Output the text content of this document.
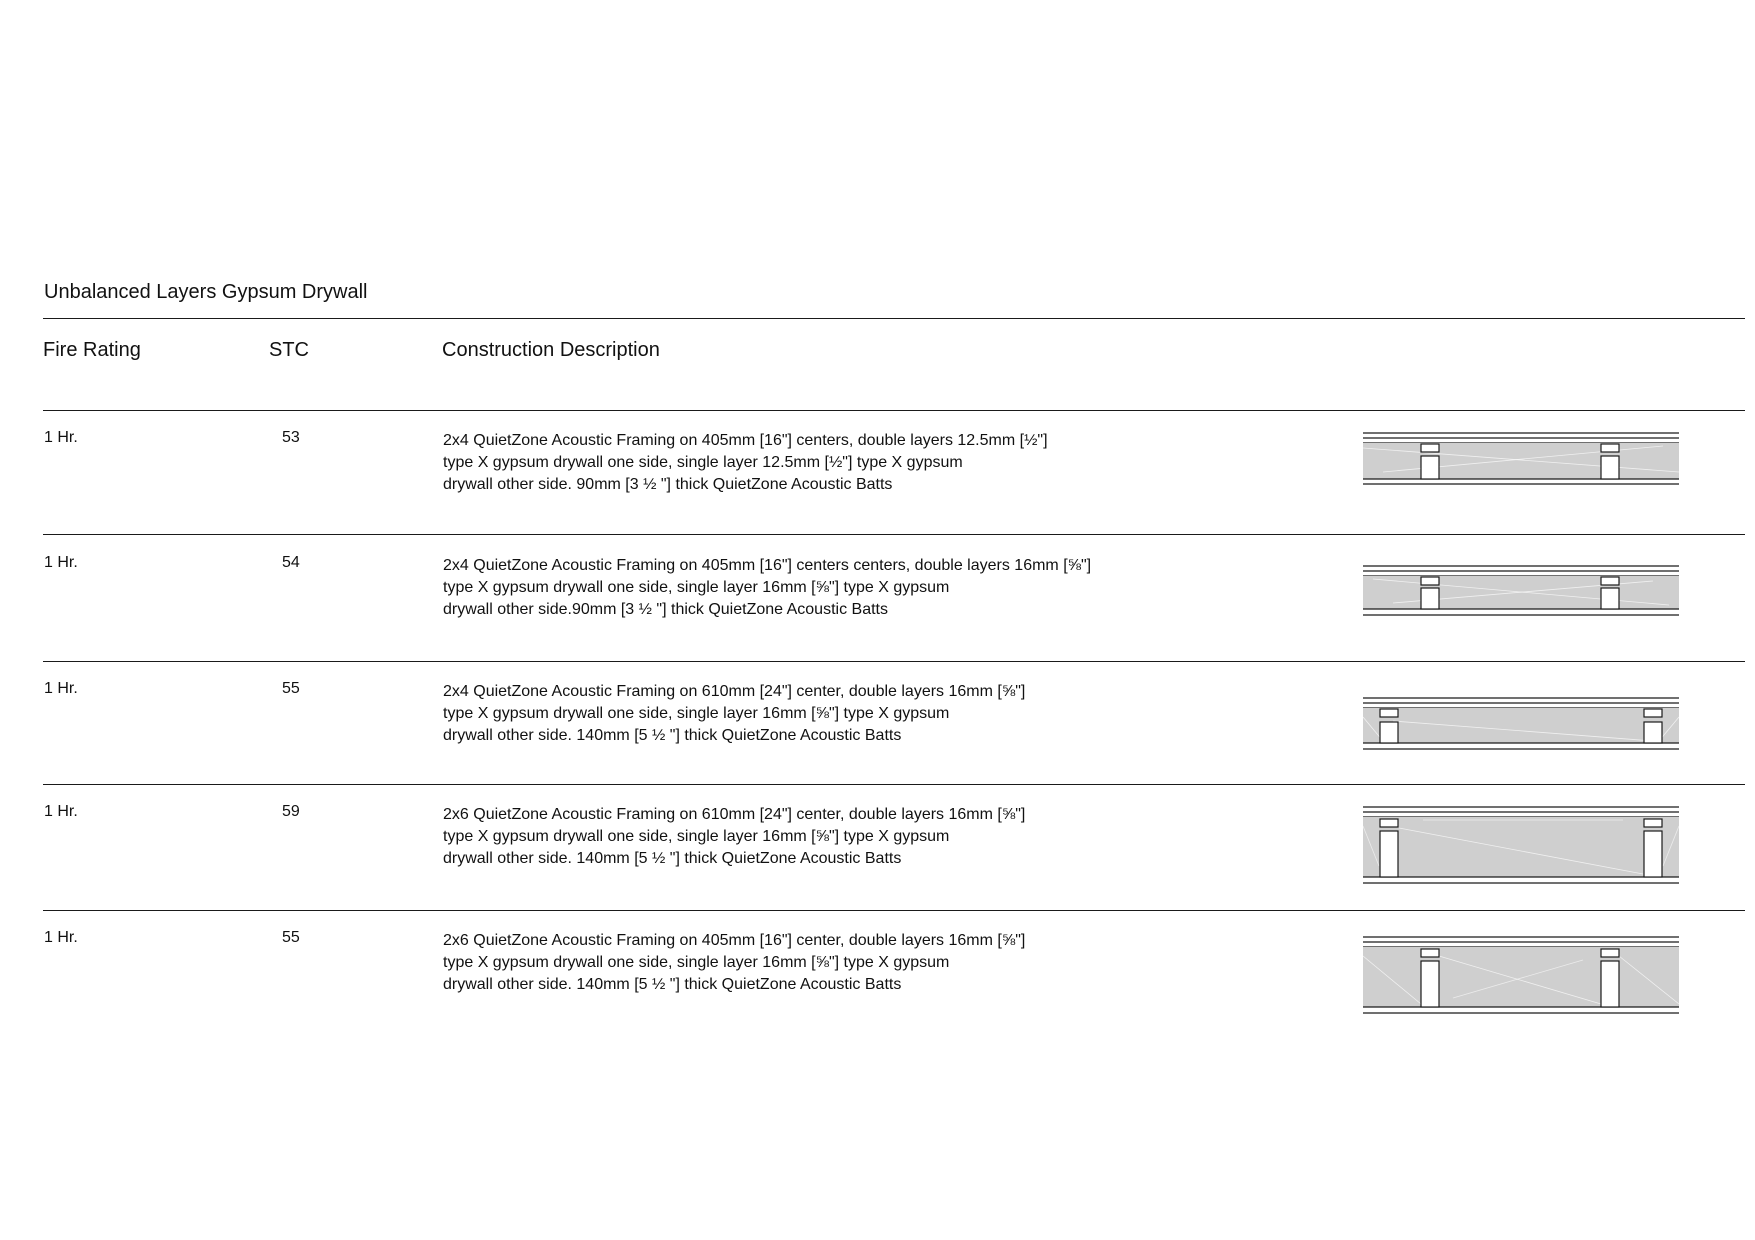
Unbalanced Layers Gypsum Drywall
Fire Rating	STC	Construction Description
1 Hr.	53	2x4 QuietZone Acoustic Framing on 405mm [16"] centers, double layers 12.5mm [½"]
type X gypsum drywall one side, single layer 12.5mm [½"] type X gypsum
drywall other side. 90mm [3 ½ "] thick QuietZone Acoustic Batts
1 Hr.	54	2x4 QuietZone Acoustic Framing on 405mm [16"] centers centers, double layers 16mm [⅝"]
type X gypsum drywall one side, single layer 16mm [⅝"] type X gypsum
drywall other side.90mm [3 ½ "] thick QuietZone Acoustic Batts
1 Hr.	55	2x4 QuietZone Acoustic Framing on 610mm [24"] center, double layers 16mm [⅝"]
type X gypsum drywall one side, single layer 16mm [⅝"] type X gypsum
drywall other side. 140mm [5 ½ "] thick QuietZone Acoustic Batts
1 Hr.	59	2x6 QuietZone Acoustic Framing on 610mm [24"] center, double layers 16mm [⅝"]
type X gypsum drywall one side, single layer 16mm [⅝"] type X gypsum
drywall other side. 140mm [5 ½ "] thick QuietZone Acoustic Batts
1 Hr.	55	2x6 QuietZone Acoustic Framing on 405mm [16"] center, double layers 16mm [⅝"]
type X gypsum drywall one side, single layer 16mm [⅝"] type X gypsum
drywall other side. 140mm [5 ½ "] thick QuietZone Acoustic Batts
